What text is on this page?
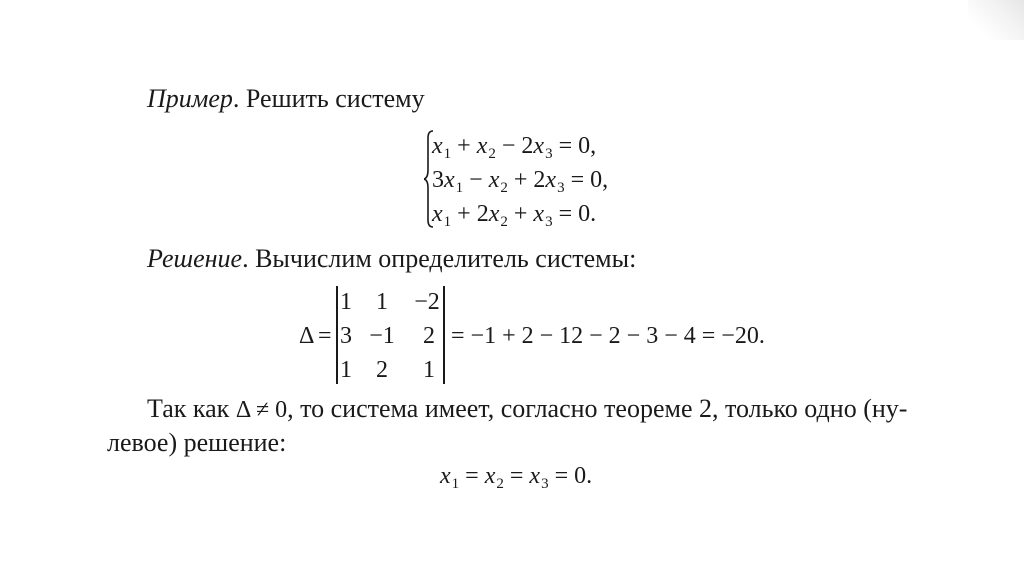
Пример. Решить систему
$x_1 + x_2 - 2x_3 = 0$,
$3x_1 - x_2 + 2x_3 = 0$,
$x_1 + 2x_2 + x_3 = 0$.
Решение. Вычислим определитель системы:
Δ =
1 1 −2
3 −1 2
1 2 1
= −1 + 2 − 12 − 2 − 3 − 4 = −20.
Так как Δ ≠ 0, то система имеет, согласно теореме 2, только одно (ну-
левое) решение:
$x_1 = x_2 = x_3 = 0$.
